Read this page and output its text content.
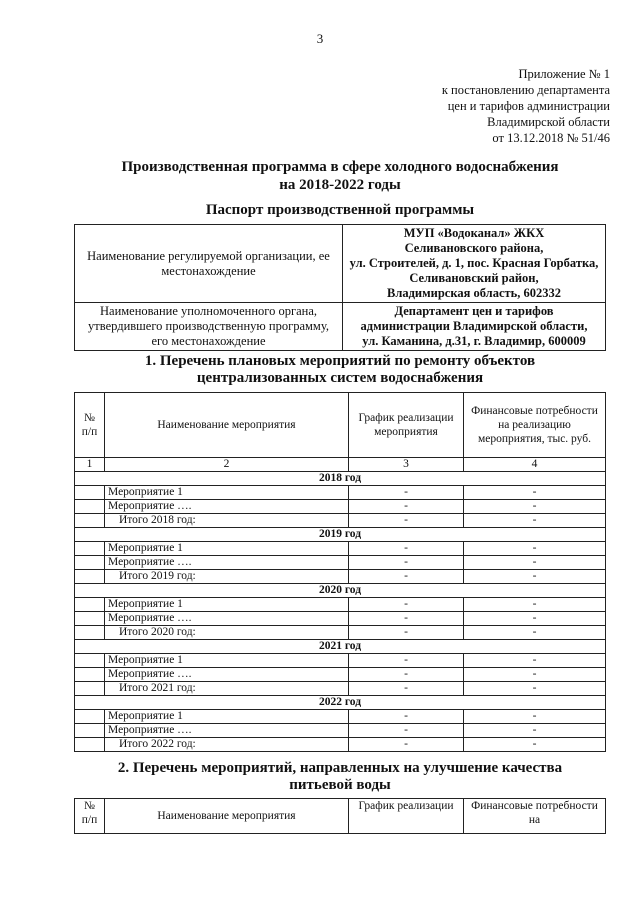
3
Приложение № 1
к постановлению департамента
цен и тарифов администрации
Владимирской области
от 13.12.2018 № 51/46
Производственная программа в сфере холодного водоснабжения
на 2018-2022 годы
Паспорт производственной программы
Наименование регулируемой организации, ее местонахождение	МУП «Водоканал» ЖКХ
Селивановского района,
ул. Строителей, д. 1, пос. Красная Горбатка,
Селивановский район,
Владимирская область, 602332

Наименование уполномоченного органа, утвердившего производственную программу, его местонахождение	Департамент цен и тарифов
администрации Владимирской области,
ул. Каманина, д.31, г. Владимир, 600009
1. Перечень плановых мероприятий по ремонту объектов
централизованных систем водоснабжения
№ п/п	Наименование мероприятия	График реализации мероприятия	Финансовые потребности на реализацию мероприятия, тыс. руб.
1	2	3	4
2018 год			
	Мероприятие 1	-	-
	Мероприятие ….	-	-
	Итого 2018 год:	-	-
2019 год			
	Мероприятие 1	-	-
	Мероприятие ….	-	-
	Итого 2019 год:	-	-
2020 год			
	Мероприятие 1	-	-
	Мероприятие ….	-	-
	Итого 2020 год:	-	-
2021 год			
	Мероприятие 1	-	-
	Мероприятие ….	-	-
	Итого 2021 год:	-	-
2022 год			
	Мероприятие 1	-	-
	Мероприятие ….	-	-
	Итого 2022 год:	-	-
2. Перечень мероприятий, направленных на улучшение качества
питьевой воды
№ п/п	Наименование мероприятия	График реализации	Финансовые потребности на
